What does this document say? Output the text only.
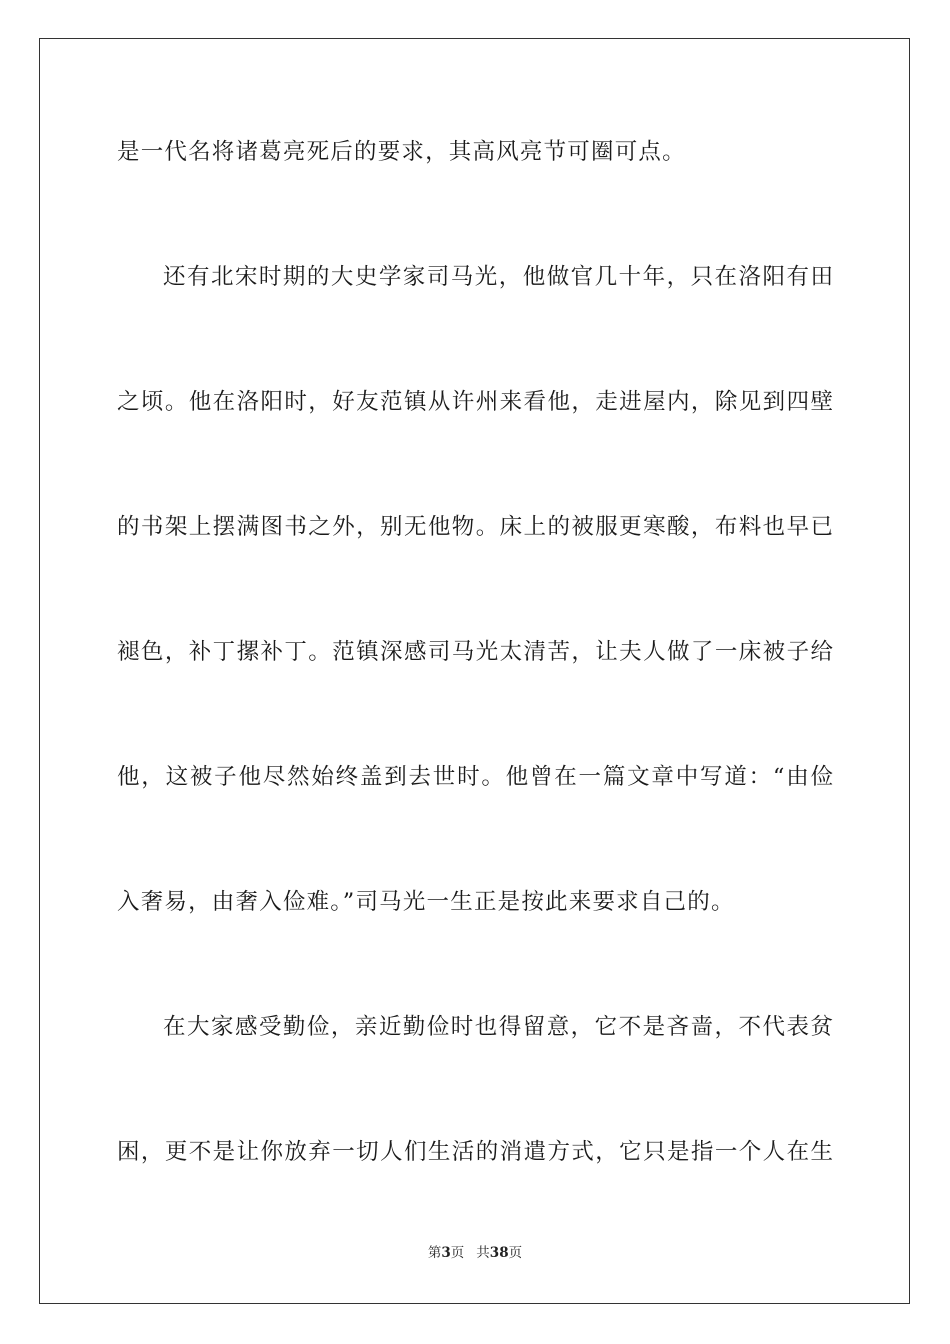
是一代名将诸葛亮死后的要求，其高风亮节可圈可点。
还有北宋时期的大史学家司马光，他做官几十年，只在洛阳有田
之顷。他在洛阳时，好友范镇从许州来看他，走进屋内，除见到四壁
的书架上摆满图书之外，别无他物。床上的被服更寒酸，布料也早已
褪色，补丁摞补丁。范镇深感司马光太清苦，让夫人做了一床被子给
他，这被子他尽然始终盖到去世时。他曾在一篇文章中写道：“由俭
入奢易，由奢入俭难。”司马光一生正是按此来要求自己的。
在大家感受勤俭，亲近勤俭时也得留意，它不是吝啬，不代表贫
困，更不是让你放弃一切人们生活的消遣方式，它只是指一个人在生
第3页 共38页
